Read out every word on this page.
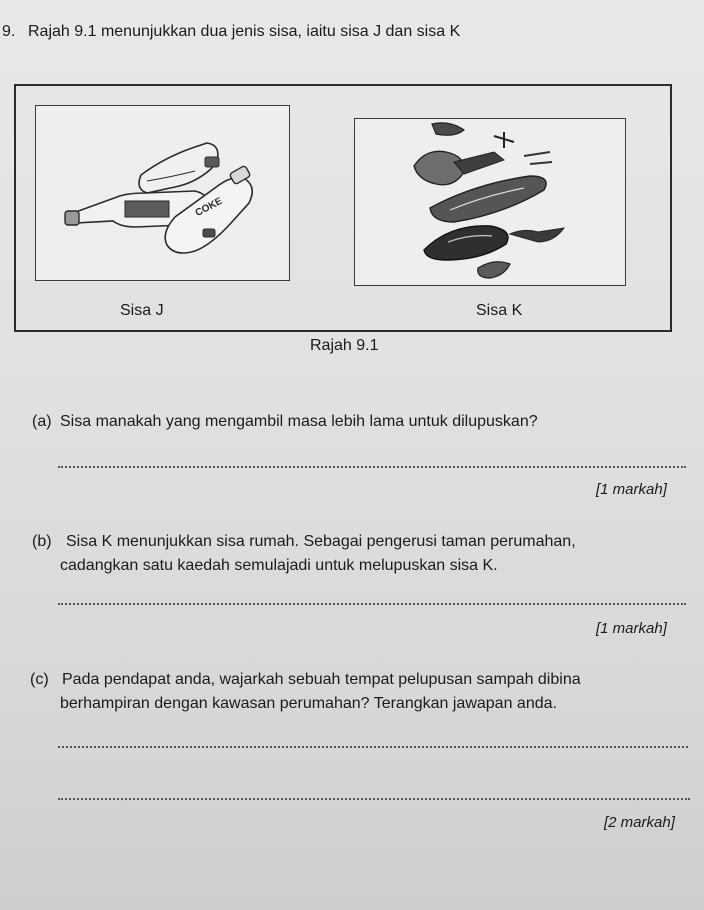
9. Rajah 9.1 menunjukkan dua jenis sisa, iaitu sisa J dan sisa K
COKE
Sisa J	Sisa K
Rajah 9.1
(a) Sisa manakah yang mengambil masa lebih lama untuk dilupuskan?
[1 markah]
(b) Sisa K menunjukkan sisa rumah. Sebagai pengerusi taman perumahan,
cadangkan satu kaedah semulajadi untuk melupuskan sisa K.
[1 markah]
(c) Pada pendapat anda, wajarkah sebuah tempat pelupusan sampah dibina
berhampiran dengan kawasan perumahan? Terangkan jawapan anda.
[2 markah]
